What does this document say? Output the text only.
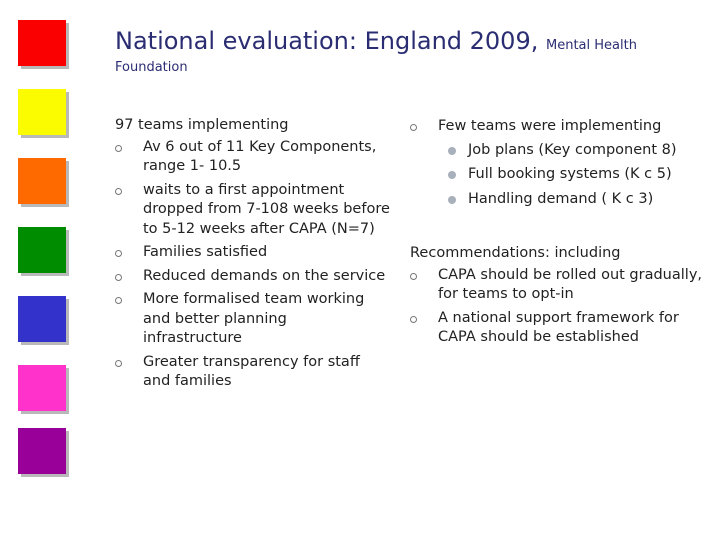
National evaluation: England 2009, Mental Health
Foundation
97 teams implementing
Av 6 out of 11 Key Components, range 1- 10.5
waits to a first appointment dropped from 7-108 weeks before to 5-12 weeks after CAPA (N=7)
Families satisfied
Reduced demands on the service
More formalised team working and better planning infrastructure
Greater transparency for staff and families
Few teams were implementing
Job plans (Key component 8)
Full booking systems (K c 5)
Handling demand ( K c 3)
Recommendations: including
CAPA should be rolled out gradually, for teams to opt-in
A national support framework for CAPA should be established
